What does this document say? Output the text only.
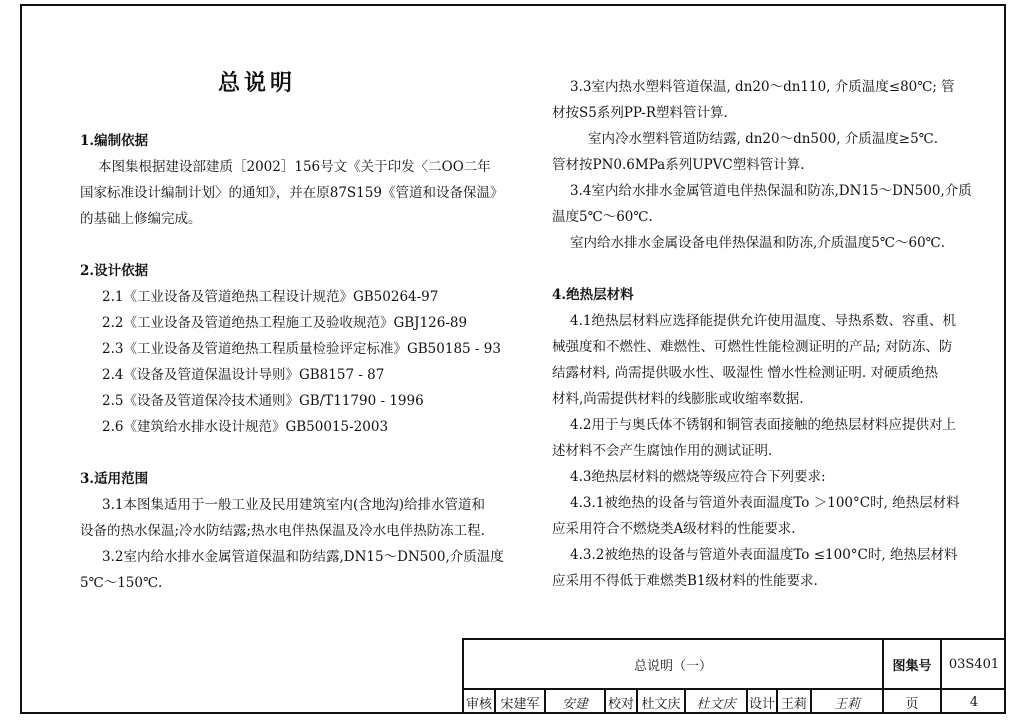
总说明
1.编制依据
本图集根据建设部建质［2002］156号文《关于印发〈二OO二年
国家标准设计编制计划〉的通知》，并在原87S159《管道和设备保温》
的基础上修编完成。
2.设计依据
2.1《工业设备及管道绝热工程设计规范》GB50264-97
2.2《工业设备及管道绝热工程施工及验收规范》GBJ126-89
2.3《工业设备及管道绝热工程质量检验评定标准》GB50185 - 93
2.4《设备及管道保温设计导则》GB8157 - 87
2.5《设备及管道保冷技术通则》GB/T11790 - 1996
2.6《建筑给水排水设计规范》GB50015-2003
3.适用范围
3.1本图集适用于一般工业及民用建筑室内(含地沟)给排水管道和
设备的热水保温;冷水防结露;热水电伴热保温及冷水电伴热防冻工程.
3.2室内给水排水金属管道保温和防结露,DN15～DN500,介质温度
5℃～150℃.
3.3室内热水塑料管道保温, dn20～dn110, 介质温度≤80℃; 管
材按S5系列PP-R塑料管计算.
室内冷水塑料管道防结露, dn20～dn500, 介质温度≥5℃.
管材按PN0.6MPa系列UPVC塑料管计算.
3.4室内给水排水金属管道电伴热保温和防冻,DN15～DN500,介质
温度5℃～60℃.
室内给水排水金属设备电伴热保温和防冻,介质温度5℃～60℃.
4.绝热层材料
4.1绝热层材料应选择能提供允许使用温度、导热系数、容重、机
械强度和不燃性、难燃性、可燃性性能检测证明的产品; 对防冻、防
结露材料, 尚需提供吸水性、吸湿性 憎水性检测证明. 对硬质绝热
材料,尚需提供材料的线膨胀或收缩率数据.
4.2用于与奥氏体不锈钢和铜管表面接触的绝热层材料应提供对上
述材料不会产生腐蚀作用的测试证明.
4.3绝热层材料的燃烧等级应符合下列要求:
4.3.1被绝热的设备与管道外表面温度To ＞100°C时, 绝热层材料
应采用符合不燃烧类A级材料的性能要求.
4.3.2被绝热的设备与管道外表面温度To ≤100°C时, 绝热层材料
应采用不得低于难燃类B1级材料的性能要求.
总说明（一）	图集号	03S401
审核 宋建军	安建	校对 杜文庆	杜文庆	设计 王莉	王莉	页	4
